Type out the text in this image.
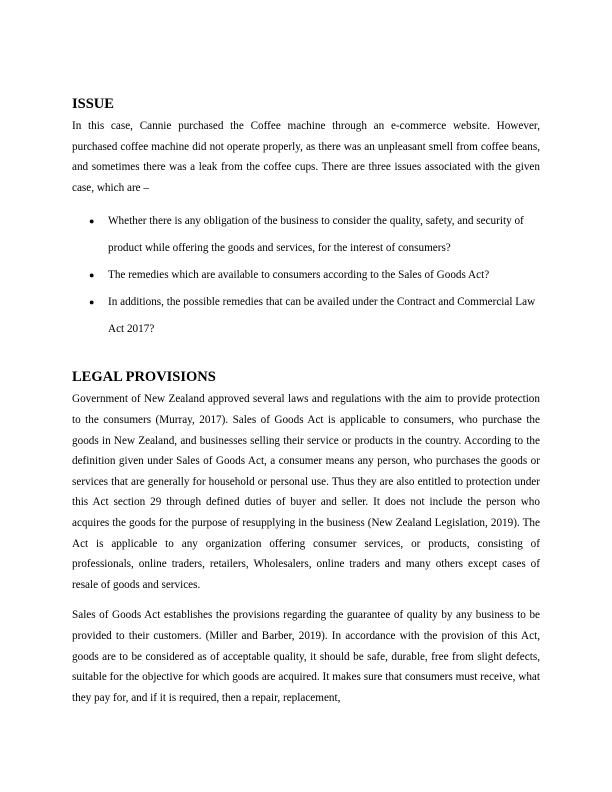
ISSUE

In this case, Cannie purchased the Coffee machine through an e-commerce website. However, purchased coffee machine did not operate properly, as there was an unpleasant smell from coffee beans, and sometimes there was a leak from the coffee cups. There are three issues associated with the given case, which are –

● Whether there is any obligation of the business to consider the quality, safety, and security of product while offering the goods and services, for the interest of consumers?
● The remedies which are available to consumers according to the Sales of Goods Act?
● In additions, the possible remedies that can be availed under the Contract and Commercial Law Act 2017?
LEGAL PROVISIONS

Government of New Zealand approved several laws and regulations with the aim to provide protection to the consumers (Murray, 2017). Sales of Goods Act is applicable to consumers, who purchase the goods in New Zealand, and businesses selling their service or products in the country. According to the definition given under Sales of Goods Act, a consumer means any person, who purchases the goods or services that are generally for household or personal use. Thus they are also entitled to protection under this Act section 29 through defined duties of buyer and seller. It does not include the person who acquires the goods for the purpose of resupplying in the business (New Zealand Legislation, 2019). The Act is applicable to any organization offering consumer services, or products, consisting of professionals, online traders, retailers, Wholesalers, online traders and many others except cases of resale of goods and services.

Sales of Goods Act establishes the provisions regarding the guarantee of quality by any business to be provided to their customers. (Miller and Barber, 2019). In accordance with the provision of this Act, goods are to be considered as of acceptable quality, it should be safe, durable, free from slight defects, suitable for the objective for which goods are acquired. It makes sure that consumers must receive, what they pay for, and if it is required, then a repair, replacement,
